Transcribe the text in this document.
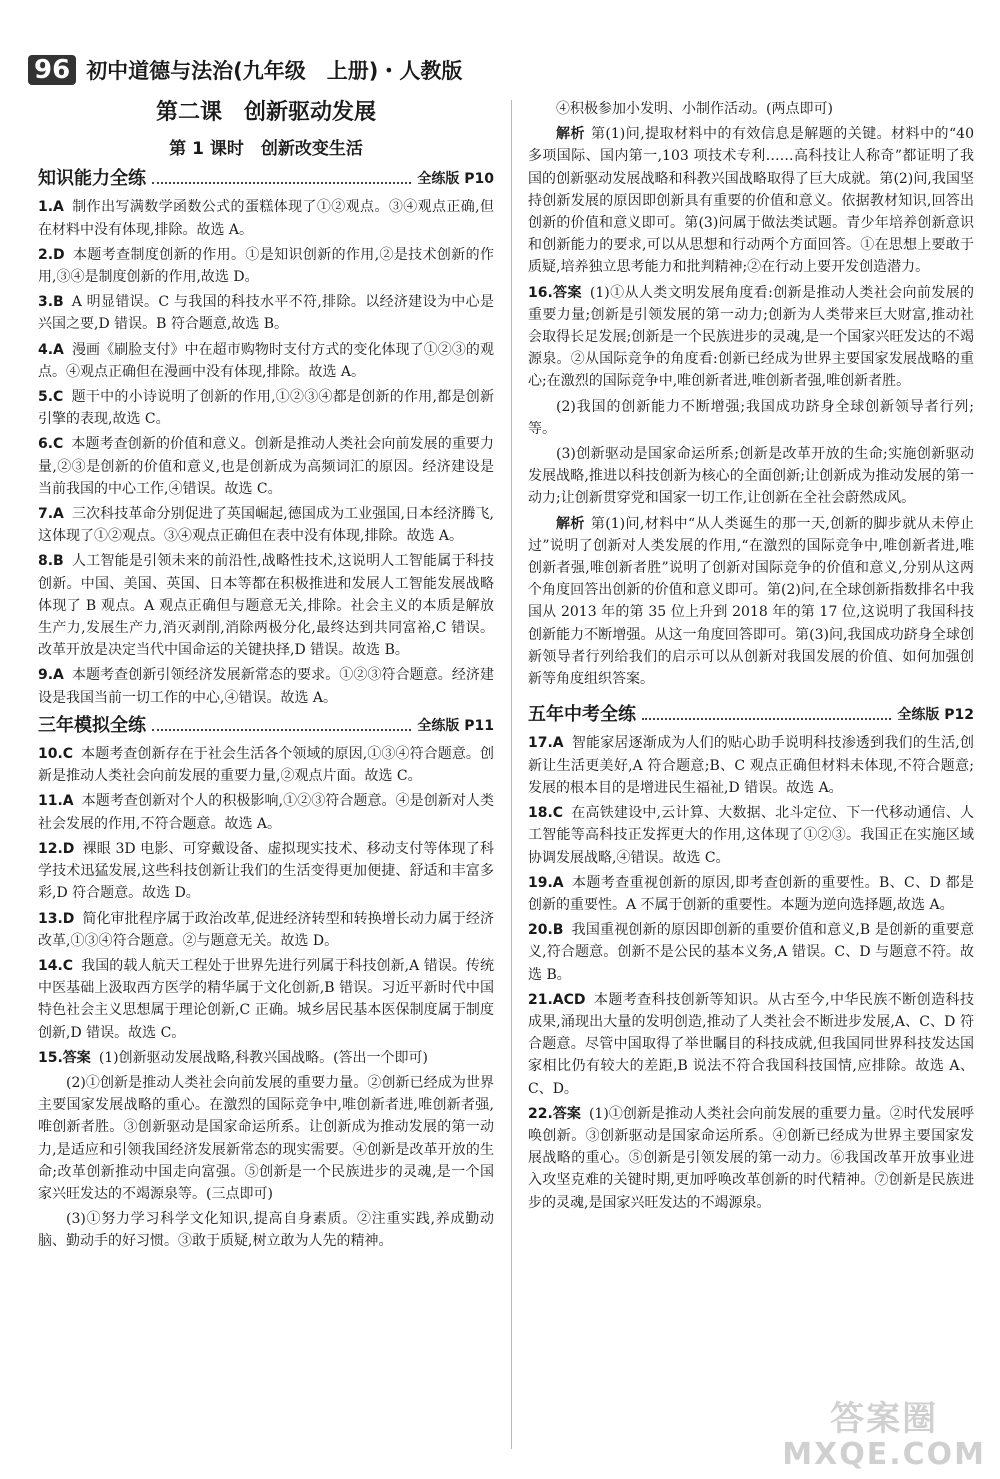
96 初中道德与法治(九年级　上册)・人教版
第二课　创新驱动发展
第 1 课时　创新改变生活
知识能力全练	全练版 P10
1.A 制作出写满数学函数公式的蛋糕体现了①②观点。③④观点正确,但在材料中没有体现,排除。故选 A。
2.D 本题考查制度创新的作用。①是知识创新的作用,②是技术创新的作用,③④是制度创新的作用,故选 D。
3.B A 明显错误。C 与我国的科技水平不符,排除。以经济建设为中心是兴国之要,D 错误。B 符合题意,故选 B。
4.A 漫画《刷脸支付》中在超市购物时支付方式的变化体现了①②③的观点。④观点正确但在漫画中没有体现,排除。故选 A。
5.C 题干中的小诗说明了创新的作用,①②③④都是创新的作用,都是创新引擎的表现,故选 C。
6.C 本题考查创新的价值和意义。创新是推动人类社会向前发展的重要力量,②③是创新的价值和意义,也是创新成为高频词汇的原因。经济建设是当前我国的中心工作,④错误。故选 C。
7.A 三次科技革命分别促进了英国崛起,德国成为工业强国,日本经济腾飞,这体现了①②观点。③④观点正确但在表中没有体现,排除。故选 A。
8.B 人工智能是引领未来的前沿性,战略性技术,这说明人工智能属于科技创新。中国、美国、英国、日本等都在积极推进和发展人工智能发展战略体现了 B 观点。A 观点正确但与题意无关,排除。社会主义的本质是解放生产力,发展生产力,消灭剥削,消除两极分化,最终达到共同富裕,C 错误。改革开放是决定当代中国命运的关键抉择,D 错误。故选 B。
9.A 本题考查创新引领经济发展新常态的要求。①②③符合题意。经济建设是我国当前一切工作的中心,④错误。故选 A。
三年模拟全练	全练版 P11
10.C 本题考查创新存在于社会生活各个领域的原因,①③④符合题意。创新是推动人类社会向前发展的重要力量,②观点片面。故选 C。
11.A 本题考查创新对个人的积极影响,①②③符合题意。④是创新对人类社会发展的作用,不符合题意。故选 A。
12.D 裸眼 3D 电影、可穿戴设备、虚拟现实技术、移动支付等体现了科学技术迅猛发展,这些科技创新让我们的生活变得更加便捷、舒适和丰富多彩,D 符合题意。故选 D。
13.D 简化审批程序属于政治改革,促进经济转型和转换增长动力属于经济改革,①③④符合题意。②与题意无关。故选 D。
14.C 我国的载人航天工程处于世界先进行列属于科技创新,A 错误。传统中医基础上汲取西方医学的精华属于文化创新,B 错误。习近平新时代中国特色社会主义思想属于理论创新,C 正确。城乡居民基本医保制度属于制度创新,D 错误。故选 C。
15.答案 (1)创新驱动发展战略,科教兴国战略。(答出一个即可)
(2)①创新是推动人类社会向前发展的重要力量。②创新已经成为世界主要国家发展战略的重心。在激烈的国际竞争中,唯创新者进,唯创新者强,唯创新者胜。③创新驱动是国家命运所系。让创新成为推动发展的第一动力,是适应和引领我国经济发展新常态的现实需要。④创新是改革开放的生命;改革创新推动中国走向富强。⑤创新是一个民族进步的灵魂,是一个国家兴旺发达的不竭源泉等。(三点即可)
(3)①努力学习科学文化知识,提高自身素质。②注重实践,养成勤动脑、勤动手的好习惯。③敢于质疑,树立敢为人先的精神。
④积极参加小发明、小制作活动。(两点即可)
解析 第(1)问,提取材料中的有效信息是解题的关键。材料中的“40 多项国际、国内第一,103 项技术专利……高科技让人称奇”都证明了我国的创新驱动发展战略和科教兴国战略取得了巨大成就。第(2)问,我国坚持创新发展的原因即创新具有重要的价值和意义。依据教材知识,回答出创新的价值和意义即可。第(3)问属于做法类试题。青少年培养创新意识和创新能力的要求,可以从思想和行动两个方面回答。①在思想上要敢于质疑,培养独立思考能力和批判精神;②在行动上要开发创造潜力。
16.答案 (1)①从人类文明发展角度看:创新是推动人类社会向前发展的重要力量;创新是引领发展的第一动力;创新为人类带来巨大财富,推动社会取得长足发展;创新是一个民族进步的灵魂,是一个国家兴旺发达的不竭源泉。②从国际竞争的角度看:创新已经成为世界主要国家发展战略的重心;在激烈的国际竞争中,唯创新者进,唯创新者强,唯创新者胜。
(2)我国的创新能力不断增强;我国成功跻身全球创新领导者行列;等。
(3)创新驱动是国家命运所系;创新是改革开放的生命;实施创新驱动发展战略,推进以科技创新为核心的全面创新;让创新成为推动发展的第一动力;让创新贯穿党和国家一切工作,让创新在全社会蔚然成风。
解析 第(1)问,材料中“从人类诞生的那一天,创新的脚步就从未停止过”说明了创新对人类发展的作用,“在激烈的国际竞争中,唯创新者进,唯创新者强,唯创新者胜”说明了创新对国际竞争的价值和意义,分别从这两个角度回答出创新的价值和意义即可。第(2)问,在全球创新指数排名中我国从 2013 年的第 35 位上升到 2018 年的第 17 位,这说明了我国科技创新能力不断增强。从这一角度回答即可。第(3)问,我国成功跻身全球创新领导者行列给我们的启示可以从创新对我国发展的价值、如何加强创新等角度组织答案。
五年中考全练	全练版 P12
17.A 智能家居逐渐成为人们的贴心助手说明科技渗透到我们的生活,创新让生活更美好,A 符合题意;B、C 观点正确但材料未体现,不符合题意;发展的根本目的是增进民生福祉,D 错误。故选 A。
18.C 在高铁建设中,云计算、大数据、北斗定位、下一代移动通信、人工智能等高科技正发挥更大的作用,这体现了①②③。我国正在实施区域协调发展战略,④错误。故选 C。
19.A 本题考查重视创新的原因,即考查创新的重要性。B、C、D 都是创新的重要性。A 不属于创新的重要性。本题为逆向选择题,故选 A。
20.B 我国重视创新的原因即创新的重要价值和意义,B 是创新的重要意义,符合题意。创新不是公民的基本义务,A 错误。C、D 与题意不符。故选 B。
21.ACD 本题考查科技创新等知识。从古至今,中华民族不断创造科技成果,涌现出大量的发明创造,推动了人类社会不断进步发展,A、C、D 符合题意。尽管中国取得了举世瞩目的科技成就,但我国同世界科技发达国家相比仍有较大的差距,B 说法不符合我国科技国情,应排除。故选 A、C、D。
22.答案 (1)①创新是推动人类社会向前发展的重要力量。②时代发展呼唤创新。③创新驱动是国家命运所系。④创新已经成为世界主要国家发展战略的重心。⑤创新是引领发展的第一动力。⑥我国改革开放事业进入攻坚克难的关键时期,更加呼唤改革创新的时代精神。⑦创新是民族进步的灵魂,是国家兴旺发达的不竭源泉。
答案圈
MXQE.COM
